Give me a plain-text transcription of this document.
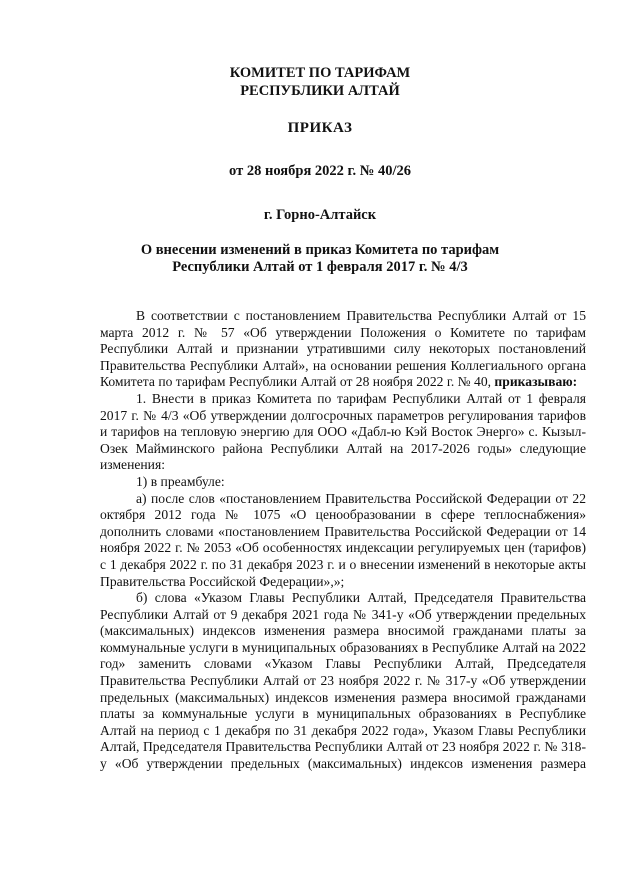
КОМИТЕТ ПО ТАРИФАМ
РЕСПУБЛИКИ АЛТАЙ
ПРИКАЗ
от 28 ноября 2022 г. № 40/26
г. Горно-Алтайск
О внесении изменений в приказ Комитета по тарифам
Республики Алтай от 1 февраля 2017 г. № 4/3

В соответствии с постановлением Правительства Республики Алтай от 15 марта 2012 г. № 57 «Об утверждении Положения о Комитете по тарифам Республики Алтай и признании утратившими силу некоторых постановлений Правительства Республики Алтай», на основании решения Коллегиального органа Комитета по тарифам Республики Алтай от 28 ноября 2022 г. № 40, приказываю:

1. Внести в приказ Комитета по тарифам Республики Алтай от 1 февраля 2017 г. № 4/3 «Об утверждении долгосрочных параметров регулирования тарифов и тарифов на тепловую энергию для ООО «Дабл-ю Кэй Восток Энерго» с. Кызыл-Озек Майминского района Республики Алтай на 2017-2026 годы» следующие изменения:

1) в преамбуле:

а) после слов «постановлением Правительства Российской Федерации от 22 октября 2012 года № 1075 «О ценообразовании в сфере теплоснабжения» дополнить словами «постановлением Правительства Российской Федерации от 14 ноября 2022 г. № 2053 «Об особенностях индексации регулируемых цен (тарифов) с 1 декабря 2022 г. по 31 декабря 2023 г. и о внесении изменений в некоторые акты Правительства Российской Федерации»,»;

б) слова «Указом Главы Республики Алтай, Председателя Правительства Республики Алтай от 9 декабря 2021 года № 341-у «Об утверждении предельных (максимальных) индексов изменения размера вносимой гражданами платы за коммунальные услуги в муниципальных образованиях в Республике Алтай на 2022 год» заменить словами «Указом Главы Республики Алтай, Председателя Правительства Республики Алтай от 23 ноября 2022 г. № 317-у «Об утверждении предельных (максимальных) индексов изменения размера вносимой гражданами платы за коммунальные услуги в муниципальных образованиях в Республике Алтай на период с 1 декабря по 31 декабря 2022 года», Указом Главы Республики Алтай, Председателя Правительства Республики Алтай от 23 ноября 2022 г. № 318-у «Об утверждении предельных (максимальных) индексов изменения размера
